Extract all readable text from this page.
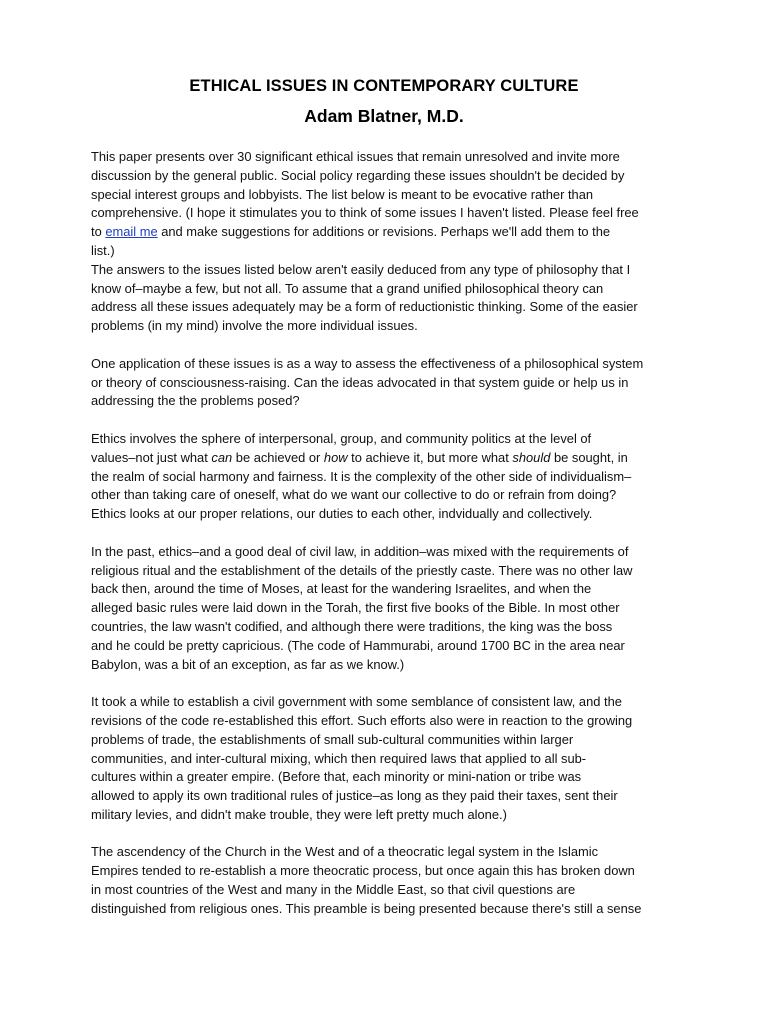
ETHICAL ISSUES IN CONTEMPORARY CULTURE
Adam Blatner, M.D.
This paper presents over 30 significant ethical issues that remain unresolved and invite more
discussion by the general public. Social policy regarding these issues shouldn't be decided by
special interest groups and lobbyists. The list below is meant to be evocative rather than
comprehensive. (I hope it stimulates you to think of some issues I haven't listed. Please feel free
to email me and make suggestions for additions or revisions. Perhaps we'll add them to the
list.)
The answers to the issues listed below aren't easily deduced from any type of philosophy that I
know of–maybe a few, but not all. To assume that a grand unified philosophical theory can
address all these issues adequately may be a form of reductionistic thinking. Some of the easier
problems (in my mind) involve the more individual issues.
One application of these issues is as a way to assess the effectiveness of a philosophical system
or theory of consciousness-raising. Can the ideas advocated in that system guide or help us in
addressing the the problems posed?
Ethics involves the sphere of interpersonal, group, and community politics at the level of
values–not just what can be achieved or how to achieve it, but more what should be sought, in
the realm of social harmony and fairness. It is the complexity of the other side of individualism–
other than taking care of oneself, what do we want our collective to do or refrain from doing?
Ethics looks at our proper relations, our duties to each other, indvidually and collectively.
In the past, ethics–and a good deal of civil law, in addition–was mixed with the requirements of
religious ritual and the establishment of the details of the priestly caste. There was no other law
back then, around the time of Moses, at least for the wandering Israelites, and when the
alleged basic rules were laid down in the Torah, the first five books of the Bible. In most other
countries, the law wasn't codified, and although there were traditions, the king was the boss
and he could be pretty capricious. (The code of Hammurabi, around 1700 BC in the area near
Babylon, was a bit of an exception, as far as we know.)
It took a while to establish a civil government with some semblance of consistent law, and the
revisions of the code re-established this effort. Such efforts also were in reaction to the growing
problems of trade, the establishments of small sub-cultural communities within larger
communities, and inter-cultural mixing, which then required laws that applied to all sub-
cultures within a greater empire. (Before that, each minority or mini-nation or tribe was
allowed to apply its own traditional rules of justice–as long as they paid their taxes, sent their
military levies, and didn't make trouble, they were left pretty much alone.)
The ascendency of the Church in the West and of a theocratic legal system in the Islamic
Empires tended to re-establish a more theocratic process, but once again this has broken down
in most countries of the West and many in the Middle East, so that civil questions are
distinguished from religious ones. This preamble is being presented because there's still a sense
